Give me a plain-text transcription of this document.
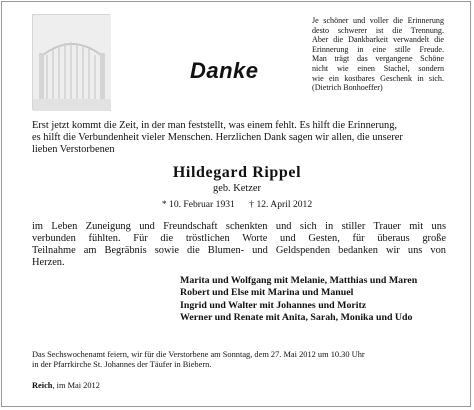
Danke
Je schöner und voller die Erinnerung
desto schwerer ist die Trennung.
Aber die Dankbarkeit verwandelt die
Erinnerung in eine stille Freude.
Man trägt das vergangene Schöne
nicht wie einen Stachel, sondern
wie ein kostbares Geschenk in sich.
(Dietrich Bonhoeffer)
Erst jetzt kommt die Zeit, in der man feststellt, was einem fehlt. Es hilft die Erinnerung,
es hilft die Verbundenheit vieler Menschen. Herzlichen Dank sagen wir allen, die unserer
lieben Verstorbenen
Hildegard Rippel
geb. Ketzer
* 10. Februar 1931 † 12. April 2012
im Leben Zuneigung und Freundschaft schenkten und sich in stiller Trauer mit uns
verbunden fühlten. Für die tröstlichen Worte und Gesten, für überaus große
Teilnahme am Begräbnis sowie die Blumen- und Geldspenden bedanken wir uns von
Herzen.
Marita und Wolfgang mit Melanie, Matthias und Maren
Robert und Else mit Marina und Manuel
Ingrid und Walter mit Johannes und Moritz
Werner und Renate mit Anita, Sarah, Monika und Udo
Das Sechswochenamt feiern, wir für die Verstorbene am Sonntag, dem 27. Mai 2012 um 10.30 Uhr
in der Pfarrkirche St. Johannes der Täufer in Biebern.
Reich, im Mai 2012
